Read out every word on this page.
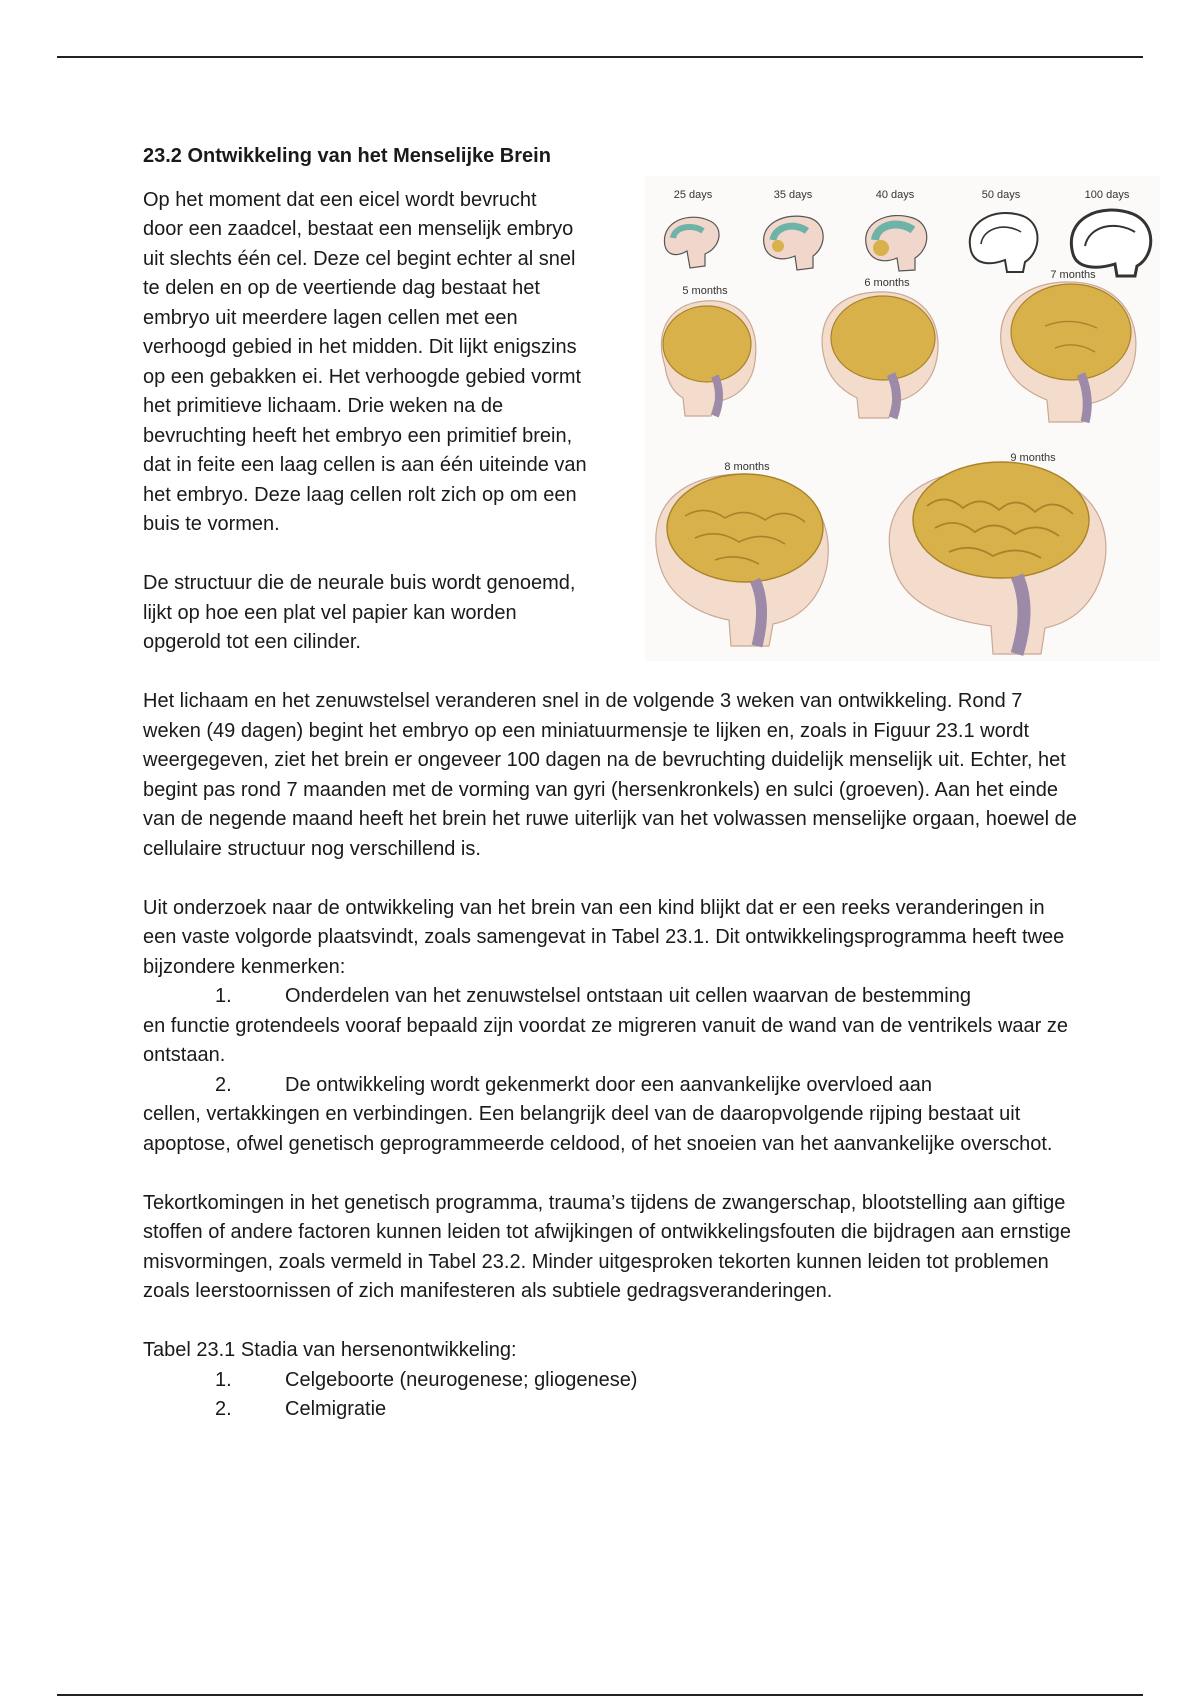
23.2 Ontwikkeling van het Menselijke Brein
Op het moment dat een eicel wordt bevrucht
door een zaadcel, bestaat een menselijk embryo
uit slechts één cel. Deze cel begint echter al snel
te delen en op de veertiende dag bestaat het
embryo uit meerdere lagen cellen met een
verhoogd gebied in het midden. Dit lijkt enigszins
op een gebakken ei. Het verhoogde gebied vormt
het primitieve lichaam. Drie weken na de
bevruchting heeft het embryo een primitief brein,
dat in feite een laag cellen is aan één uiteinde van
het embryo. Deze laag cellen rolt zich op om een
buis te vormen.
De structuur die de neurale buis wordt genoemd,
lijkt op hoe een plat vel papier kan worden
opgerold tot een cilinder.

Het lichaam en het zenuwstelsel veranderen snel in de volgende 3 weken van ontwikkeling. Rond 7 weken (49 dagen) begint het embryo op een miniatuurmensje te lijken en, zoals in Figuur 23.1 wordt weergegeven, ziet het brein er ongeveer 100 dagen na de bevruchting duidelijk menselijk uit. Echter, het begint pas rond 7 maanden met de vorming van gyri (hersenkronkels) en sulci (groeven). Aan het einde van de negende maand heeft het brein het ruwe uiterlijk van het volwassen menselijke orgaan, hoewel de cellulaire structuur nog verschillend is.

Uit onderzoek naar de ontwikkeling van het brein van een kind blijkt dat er een reeks veranderingen in een vaste volgorde plaatsvindt, zoals samengevat in Tabel 23.1. Dit ontwikkelingsprogramma heeft twee bijzondere kenmerken:

1.	Onderdelen van het zenuwstelsel ontstaan uit cellen waarvan de bestemming
en functie grotendeels vooraf bepaald zijn voordat ze migreren vanuit de wand van de ventrikels waar ze ontstaan.
2.	De ontwikkeling wordt gekenmerkt door een aanvankelijke overvloed aan
cellen, vertakkingen en verbindingen. Een belangrijk deel van de daaropvolgende rijping bestaat uit apoptose, ofwel genetisch geprogrammeerde celdood, of het snoeien van het aanvankelijke overschot.

Tekortkomingen in het genetisch programma, trauma’s tijdens de zwangerschap, blootstelling aan giftige stoffen of andere factoren kunnen leiden tot afwijkingen of ontwikkelingsfouten die bijdragen aan ernstige misvormingen, zoals vermeld in Tabel 23.2. Minder uitgesproken tekorten kunnen leiden tot problemen zoals leerstoornissen of zich manifesteren als subtiele gedragsveranderingen.

Tabel 23.1 Stadia van hersenontwikkeling:

1.	Celgeboorte (neurogenese; gliogenese)
2.	Celmigratie
25 days	35 days	40 days	50 days	100 days
5 months
6 months
7 months
8 months
9 months
